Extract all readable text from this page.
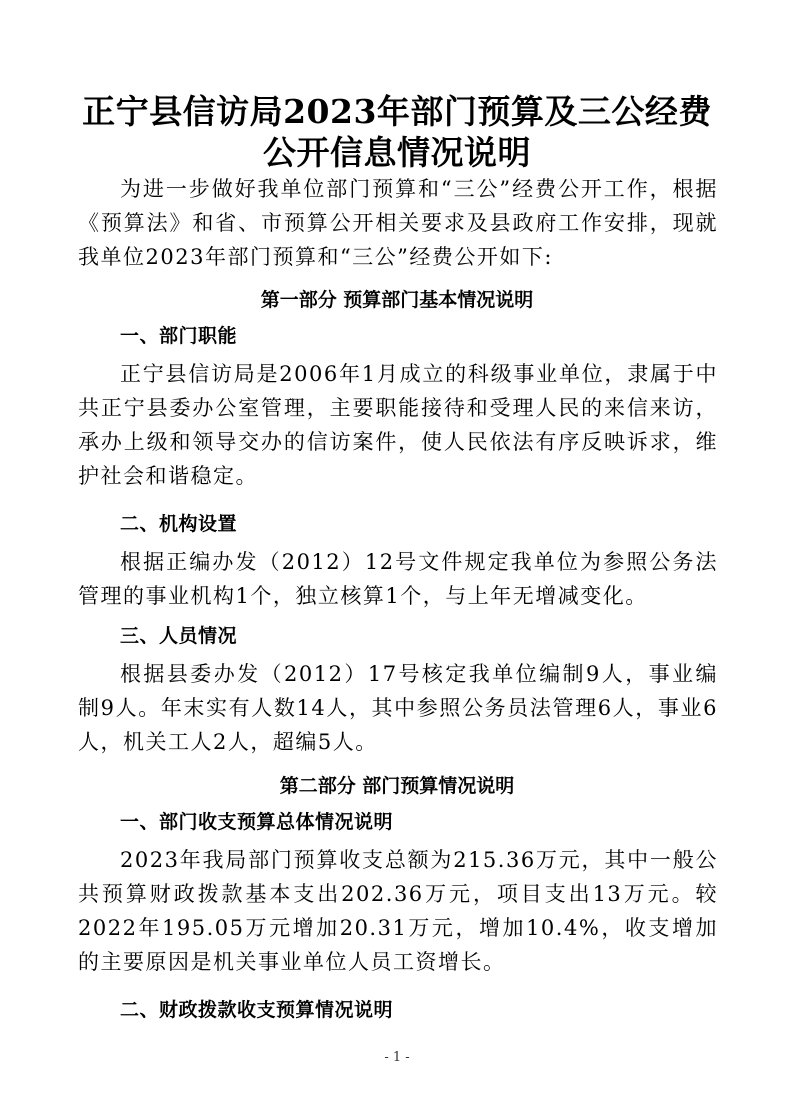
正宁县信访局2023年部门预算及三公经费
公开信息情况说明
为进一步做好我单位部门预算和“三公”经费公开工作，根据《预算法》和省、市预算公开相关要求及县政府工作安排，现就我单位2023年部门预算和“三公”经费公开如下:
第一部分 预算部门基本情况说明
一、部门职能
正宁县信访局是2006年1月成立的科级事业单位，隶属于中共正宁县委办公室管理，主要职能接待和受理人民的来信来访，承办上级和领导交办的信访案件，使人民依法有序反映诉求，维护社会和谐稳定。
二、机构设置
根据正编办发（2012）12号文件规定我单位为参照公务法管理的事业机构1个，独立核算1个，与上年无增减变化。
三、人员情况
根据县委办发（2012）17号核定我单位编制9人，事业编制9人。年末实有人数14人，其中参照公务员法管理6人，事业6人，机关工人2人，超编5人。
第二部分 部门预算情况说明
一、部门收支预算总体情况说明
2023年我局部门预算收支总额为215.36万元，其中一般公共预算财政拨款基本支出202.36万元，项目支出13万元。较2022年195.05万元增加20.31万元，增加10.4%，收支增加的主要原因是机关事业单位人员工资增长。
二、财政拨款收支预算情况说明
- 1 -
